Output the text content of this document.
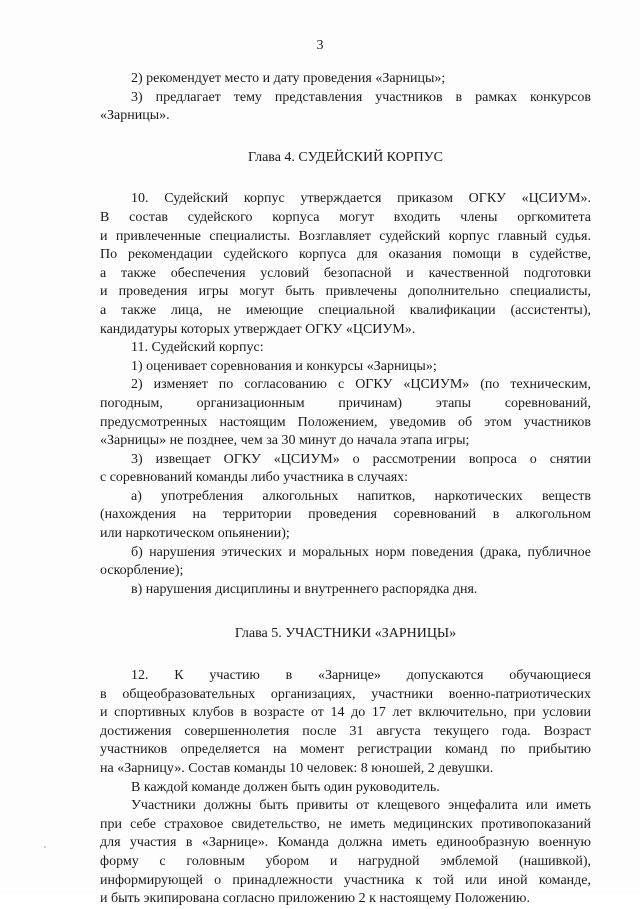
3
2) рекомендует место и дату проведения «Зарницы»;
3) предлагает тему представления участников в рамках конкурсов
«Зарницы».
Глава 4. СУДЕЙСКИЙ КОРПУС
10. Судейский корпус утверждается приказом ОГКУ «ЦСИУМ».
В состав судейского корпуса могут входить члены оргкомитета
и привлеченные специалисты. Возглавляет судейский корпус главный судья.
По рекомендации судейского корпуса для оказания помощи в судействе,
а также обеспечения условий безопасной и качественной подготовки
и проведения игры могут быть привлечены дополнительно специалисты,
а также лица, не имеющие специальной квалификации (ассистенты),
кандидатуры которых утверждает ОГКУ «ЦСИУМ».
11. Судейский корпус:
1) оценивает соревнования и конкурсы «Зарницы»;
2) изменяет по согласованию с ОГКУ «ЦСИУМ» (по техническим,
погодным, организационным причинам) этапы соревнований,
предусмотренных настоящим Положением, уведомив об этом участников
«Зарницы» не позднее, чем за 30 минут до начала этапа игры;
3) извещает ОГКУ «ЦСИУМ» о рассмотрении вопроса о снятии
с соревнований команды либо участника в случаях:
а) употребления алкогольных напитков, наркотических веществ
(нахождения на территории проведения соревнований в алкогольном
или наркотическом опьянении);
б) нарушения этических и моральных норм поведения (драка, публичное
оскорбление);
в) нарушения дисциплины и внутреннего распорядка дня.
Глава 5. УЧАСТНИКИ «ЗАРНИЦЫ»
12. К участию в «Зарнице» допускаются обучающиеся
в общеобразовательных организациях, участники военно-патриотических
и спортивных клубов в возрасте от 14 до 17 лет включительно, при условии
достижения совершеннолетия после 31 августа текущего года. Возраст
участников определяется на момент регистрации команд по прибытию
на «Зарницу». Состав команды 10 человек: 8 юношей, 2 девушки.
В каждой команде должен быть один руководитель.
Участники должны быть привиты от клещевого энцефалита или иметь
при себе страховое свидетельство, не иметь медицинских противопоказаний
для участия в «Зарнице». Команда должна иметь единообразную военную
форму с головным убором и нагрудной эмблемой (нашивкой),
информирующей о принадлежности участника к той или иной команде,
и быть экипирована согласно приложению 2 к настоящему Положению.
